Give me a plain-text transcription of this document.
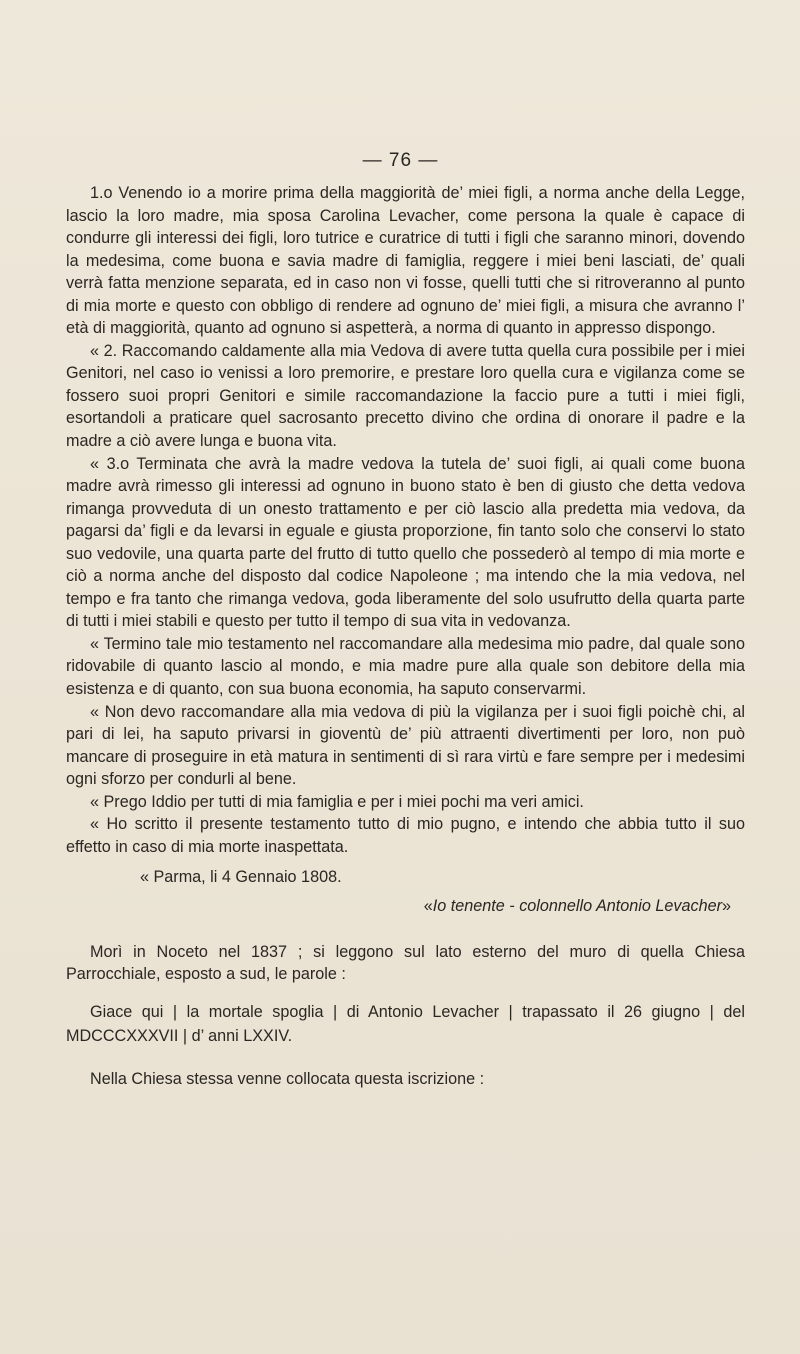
— 76 —

1.o Venendo io a morire prima della maggiorità de’ miei figli, a norma anche della Legge, lascio la loro madre, mia sposa Carolina Levacher, come persona la quale è capace di condurre gli interessi dei figli, loro tutrice e curatrice di tutti i figli che saranno minori, dovendo la medesima, come buona e savia madre di famiglia, reggere i miei beni lasciati, de’ quali verrà fatta menzione separata, ed in caso non vi fosse, quelli tutti che si ritroveranno al punto di mia morte e questo con obbligo di rendere ad ognuno de’ miei figli, a misura che avranno l’ età di maggiorità, quanto ad ognuno si aspetterà, a norma di quanto in appresso dispongo.

« 2. Raccomando caldamente alla mia Vedova di avere tutta quella cura possibile per i miei Genitori, nel caso io venissi a loro premorire, e prestare loro quella cura e vigilanza come se fossero suoi propri Genitori e simile raccomandazione la faccio pure a tutti i miei figli, esortandoli a praticare quel sacrosanto precetto divino che ordina di onorare il padre e la madre a ciò avere lunga e buona vita.

« 3.o Terminata che avrà la madre vedova la tutela de’ suoi figli, ai quali come buona madre avrà rimesso gli interessi ad ognuno in buono stato è ben di giusto che detta vedova rimanga provveduta di un onesto trattamento e per ciò lascio alla predetta mia vedova, da pagarsi da’ figli e da levarsi in eguale e giusta proporzione, fin tanto solo che conservi lo stato suo vedovile, una quarta parte del frutto di tutto quello che possederò al tempo di mia morte e ciò a norma anche del disposto dal codice Napoleone ; ma intendo che la mia vedova, nel tempo e fra tanto che rimanga vedova, goda liberamente del solo usufrutto della quarta parte di tutti i miei stabili e questo per tutto il tempo di sua vita in vedovanza.

« Termino tale mio testamento nel raccomandare alla medesima mio padre, dal quale sono ridovabile di quanto lascio al mondo, e mia madre pure alla quale son debitore della mia esistenza e di quanto, con sua buona economia, ha saputo conservarmi.

« Non devo raccomandare alla mia vedova di più la vigilanza per i suoi figli poichè chi, al pari di lei, ha saputo privarsi in gioventù de’ più attraenti divertimenti per loro, non può mancare di proseguire in età matura in sentimenti di sì rara virtù e fare sempre per i medesimi ogni sforzo per condurli al bene.

« Prego Iddio per tutti di mia famiglia e per i miei pochi ma veri amici.

« Ho scritto il presente testamento tutto di mio pugno, e intendo che abbia tutto il suo effetto in caso di mia morte inaspettata.

« Parma, li 4 Gennaio 1808.

«Io tenente - colonnello Antonio Levacher»

Morì in Noceto nel 1837 ; si leggono sul lato esterno del muro di quella Chiesa Parrocchiale, esposto a sud, le parole :

Giace qui | la mortale spoglia | di Antonio Levacher | trapassato il 26 giugno | del MDCCCXXXVII | d’ anni LXXIV.

Nella Chiesa stessa venne collocata questa iscrizione :
